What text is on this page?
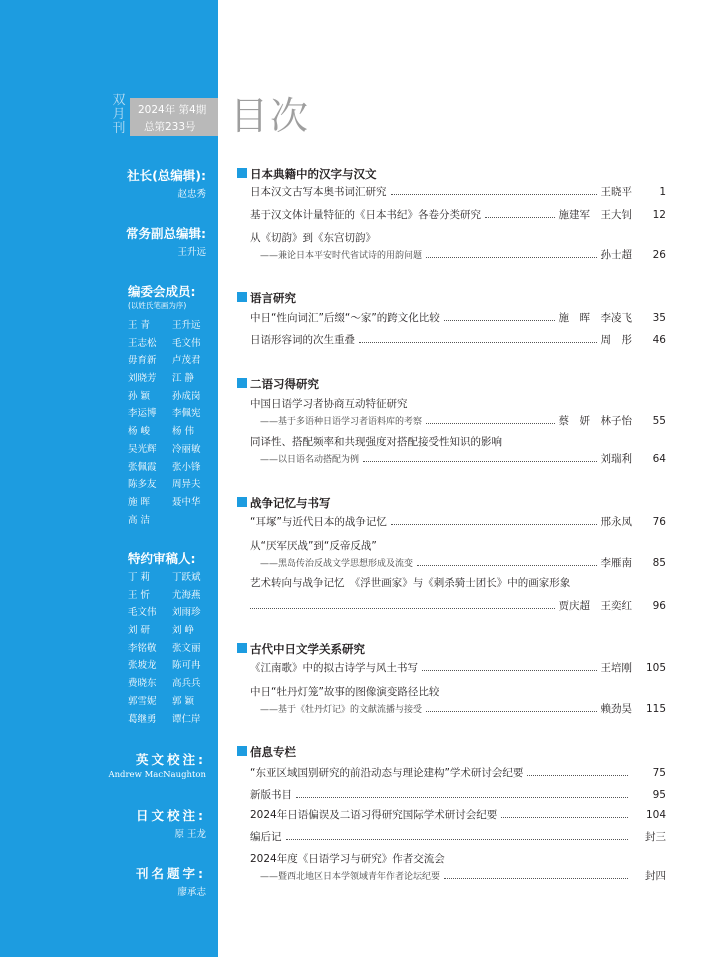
双月刊
2024年 第4期
总第233号 目次
社长(总编辑):
赵忠秀
常务副总编辑:
王升远
编委会成员:
(以姓氏笔画为序)
王 青 王升远
王志松 毛文伟
毋育新 卢茂君
刘晓芳 江 静
孙 颖 孙成岗
李运博 李佩宪
杨 峻 杨 伟
吴光辉 冷丽敏
张佩霞 张小锋
陈多友 周异夫
施 晖 聂中华
高 洁
特约审稿人:
丁 莉 丁跃斌
王 忻 尤海燕
毛文伟 刘雨珍
刘 研 刘 峥
李铭敬 张文丽
张坡龙 陈可冉
费晓东 高兵兵
郭雪妮 郭 颖
葛继勇 谭仁岸
英文校注:
Andrew MacNaughton
日文校注:
原 王龙
刊名题字:
廖承志
日本典籍中的汉字与汉文
日本汉文古写本奥书词汇研究	王晓平	1
基于汉文体计量特征的《日本书纪》各卷分类研究	施建军　王大钊	12
从《切韵》到《东宫切韵》
——兼论日本平安时代省试诗的用韵问题	孙士超	26
语言研究
中日“性向词汇”后缀“～家”的跨文化比较	施　晖　李凌飞	35
日语形容词的次生重叠	周　彤	46
二语习得研究
中国日语学习者协商互动特征研究
——基于多语种日语学习者语料库的考察	蔡　妍　林子怡	55
同译性、搭配频率和共现强度对搭配接受性知识的影响
——以日语名动搭配为例	刘瑞利	64
战争记忆与书写
“耳塚”与近代日本的战争记忆	邢永凤	76
从“厌军厌战”到“反帝反战”
——黑岛传治反战文学思想形成及流变	李雁南	85
艺术转向与战争记忆　《浮世画家》与《刺杀骑士团长》中的画家形象
贾庆超　王奕红	96
古代中日文学关系研究
《江南歌》中的拟古诗学与风土书写	王培刚	105
中日“牡丹灯笼”故事的图像演变路径比较
——基于《牡丹灯记》的文献流播与接受	赖劲昊	115
信息专栏
“东亚区域国别研究的前沿动态与理论建构”学术研讨会纪要	75
新版书目	95
2024年日语偏误及二语习得研究国际学术研讨会纪要	104
编后记	封三
2024年度《日语学习与研究》作者交流会
——暨西北地区日本学领域青年作者论坛纪要	封四
